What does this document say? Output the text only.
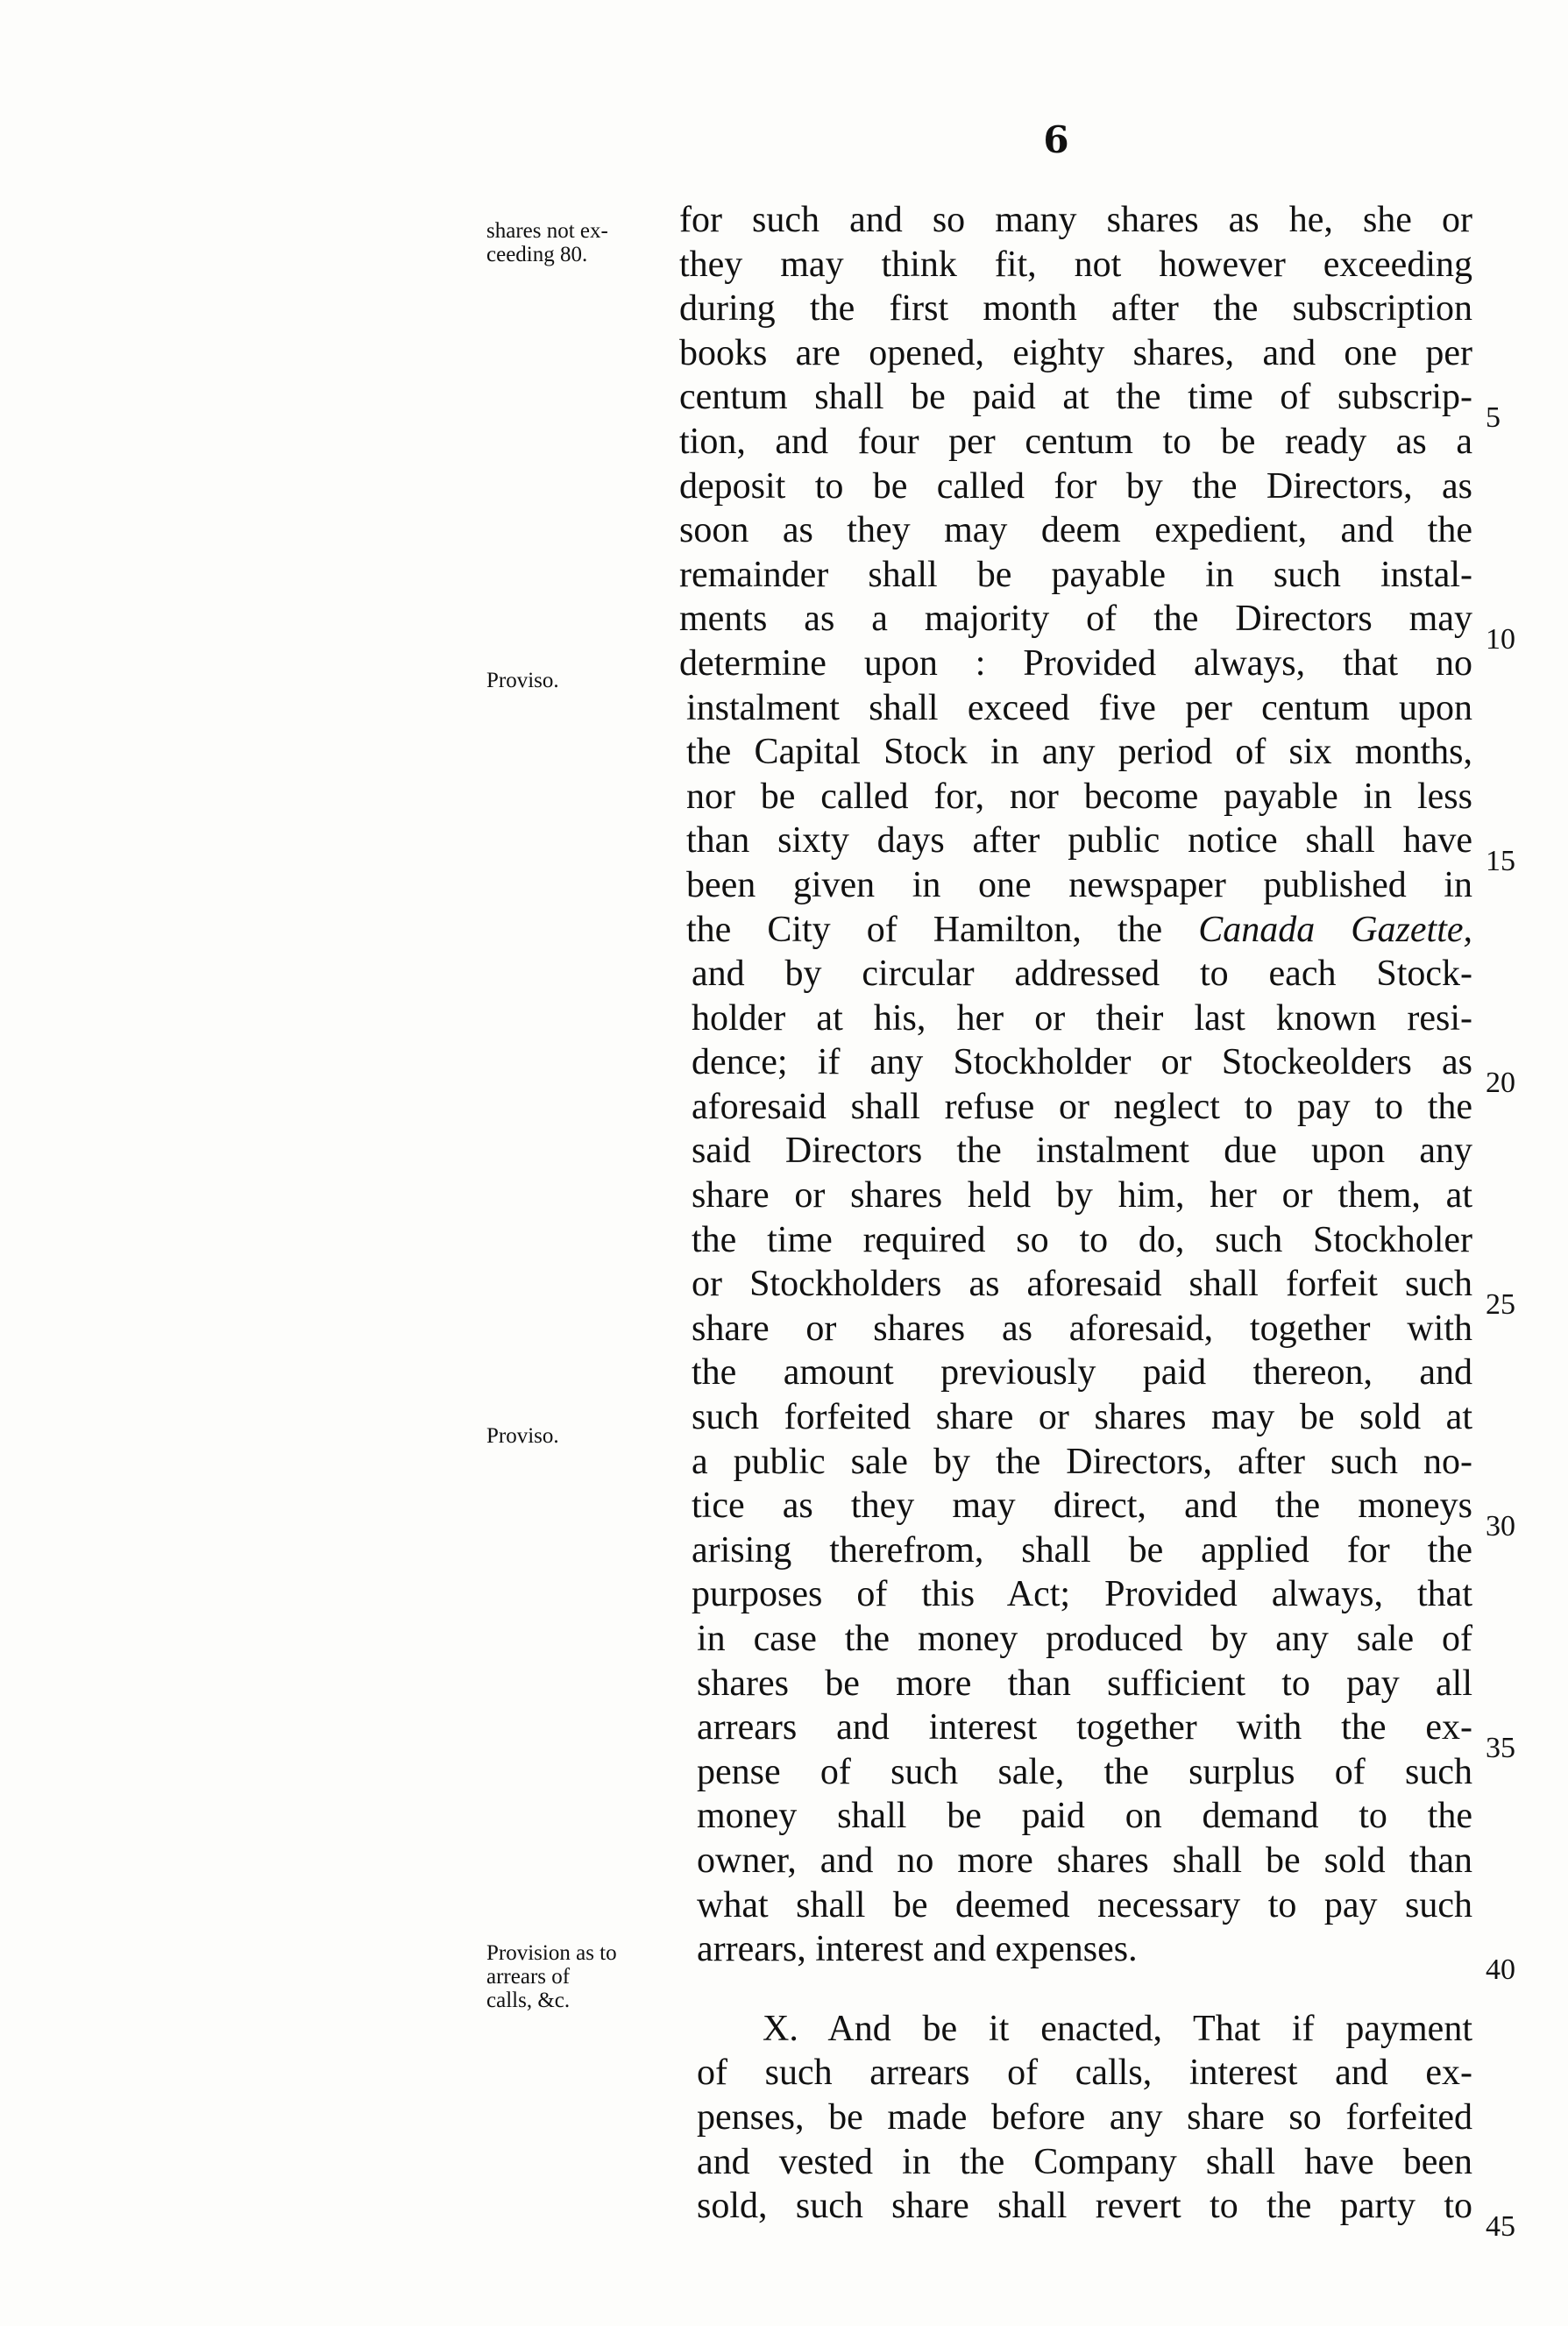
6
shares not ex-
ceeding 80.
Proviso.
Proviso.
Provision as to
arrears of
calls, &c.
for such and so many shares as he, she or
they may think fit, not however exceeding
during the first month after the subscription
books are opened, eighty shares, and one per
centum shall be paid at the time of subscrip-
tion, and four per centum to be ready as a
deposit to be called for by the Directors, as
soon as they may deem expedient, and the
remainder shall be payable in such instal-
ments as a majority of the Directors may
determine upon : Provided always, that no
instalment shall exceed five per centum upon
the Capital Stock in any period of six months,
nor be called for, nor become payable in less
than sixty days after public notice shall have
been given in one newspaper published in
the City of Hamilton, the Canada Gazette,
and by circular addressed to each Stock-
holder at his, her or their last known resi-
dence; if any Stockholder or Stockeolders as
aforesaid shall refuse or neglect to pay to the
said Directors the instalment due upon any
share or shares held by him, her or them, at
the time required so to do, such Stockholer
or Stockholders as aforesaid shall forfeit such
share or shares as aforesaid, together with
the amount previously paid thereon, and
such forfeited share or shares may be sold at
a public sale by the Directors, after such no-
tice as they may direct, and the moneys
arising therefrom, shall be applied for the
purposes of this Act; Provided always, that
in case the money produced by any sale of
shares be more than sufficient to pay all
arrears and interest together with the ex-
pense of such sale, the surplus of such
money shall be paid on demand to the
owner, and no more shares shall be sold than
what shall be deemed necessary to pay such
arrears, interest and expenses.
X. And be it enacted, That if payment
of such arrears of calls, interest and ex-
penses, be made before any share so forfeited
and vested in the Company shall have been
sold, such share shall revert to the party to
5
10
15
20
25
30
35
40
45
